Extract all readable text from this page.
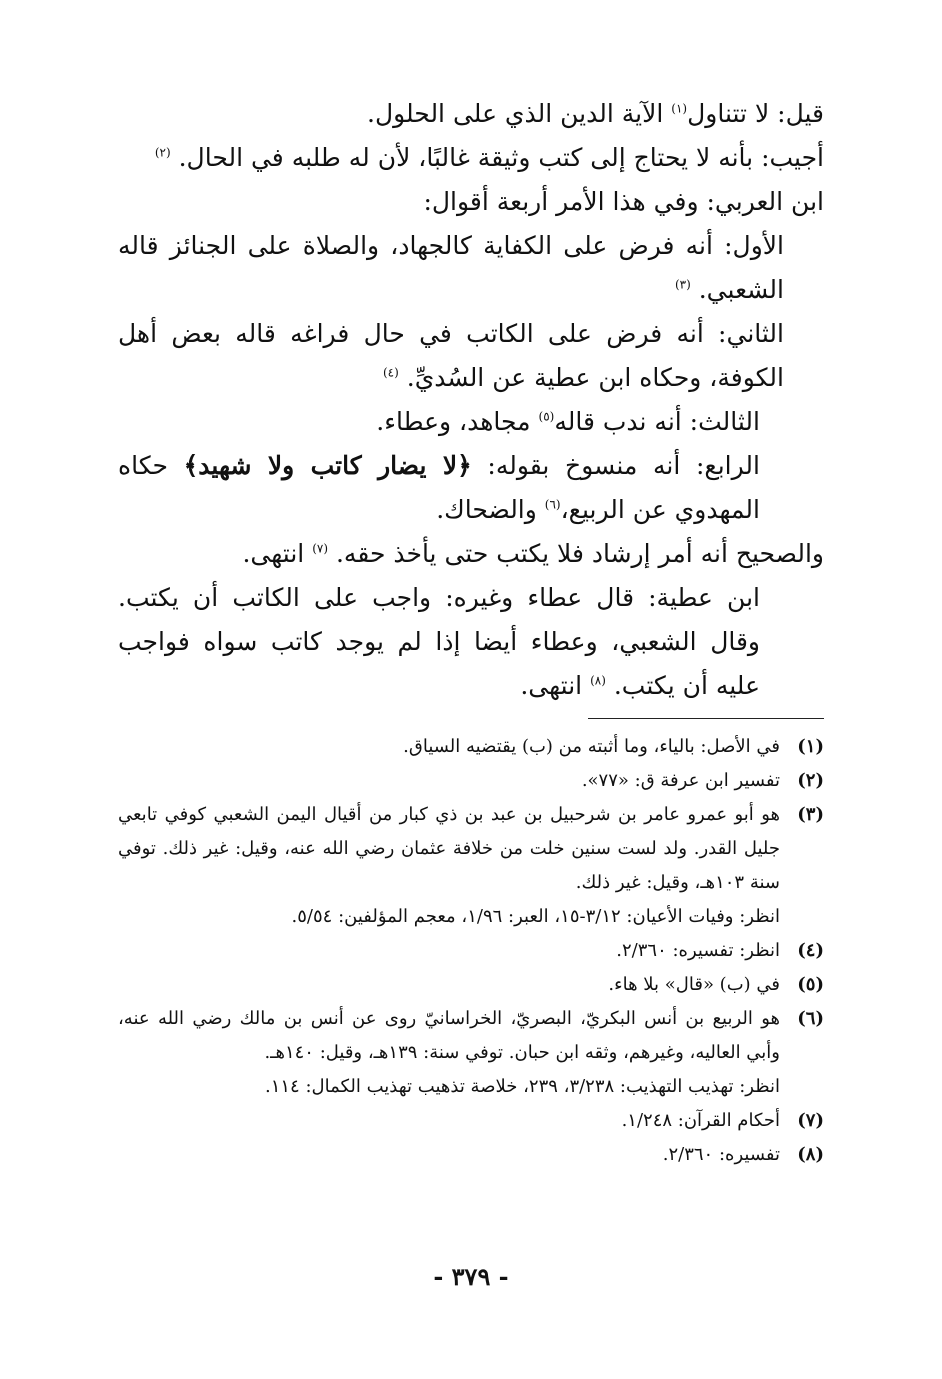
قيل: لا تتناول$^{(١)}$ الآية الدين الذي على الحلول.

أجيب: بأنه لا يحتاج إلى كتب وثيقة غالبًا، لأن له طلبه في الحال. $^{(٢)}$

ابن العربي: وفي هذا الأمر أربعة أقوال:

الأول: أنه فرض على الكفاية كالجهاد، والصلاة على الجنائز قاله الشعبي. $^{(٣)}$

الثاني: أنه فرض على الكاتب في حال فراغه قاله بعض أهل الكوفة، وحكاه ابن عطية عن السُديِّ. $^{(٤)}$

الثالث: أنه ندب قاله$^{(٥)}$ مجاهد، وعطاء.

الرابع: أنه منسوخ بقوله: ﴿لا يضار كاتب ولا شهيد﴾ حكاه المهدوي عن الربيع،$^{(٦)}$ والضحاك.

والصحيح أنه أمر إرشاد فلا يكتب حتى يأخذ حقه. $^{(٧)}$ انتهى.

ابن عطية: قال عطاء وغيره: واجب على الكاتب أن يكتب. وقال الشعبي، وعطاء أيضا إذا لم يوجد كاتب سواه فواجب عليه أن يكتب. $^{(٨)}$ انتهى.

(١)
في الأصل: بالياء، وما أثبته من (ب) يقتضيه السياق.
(٢)
تفسير ابن عرفة ق: «٧٧».
(٣)
هو أبو عمرو عامر بن شرحبيل بن عبد بن ذي كبار من أقيال اليمن الشعبي كوفي تابعي جليل القدر. ولد لست سنين خلت من خلافة عثمان رضي الله عنه، وقيل: غير ذلك. توفي سنة ١٠٣هـ، وقيل: غير ذلك.
انظر: وفيات الأعيان: ٣/١٢-١٥، العبر: ١/٩٦، معجم المؤلفين: ٥/٥٤.
(٤)
انظر: تفسيره: ٢/٣٦٠.
(٥)
في (ب) «قال» بلا هاء.
(٦)
هو الربيع بن أنس البكريّ، البصريّ، الخراسانيّ روى عن أنس بن مالك رضي الله عنه، وأبي العاليه، وغيرهم، وثقه ابن حبان. توفي سنة: ١٣٩هـ، وقيل: ١٤٠هـ.
انظر: تهذيب التهذيب: ٣/٢٣٨، ٢٣٩، خلاصة تذهيب تهذيب الكمال: ١١٤.
(٧)
أحكام القرآن: ١/٢٤٨.
(٨)
تفسيره: ٢/٣٦٠.
- ٣٧٩ -
